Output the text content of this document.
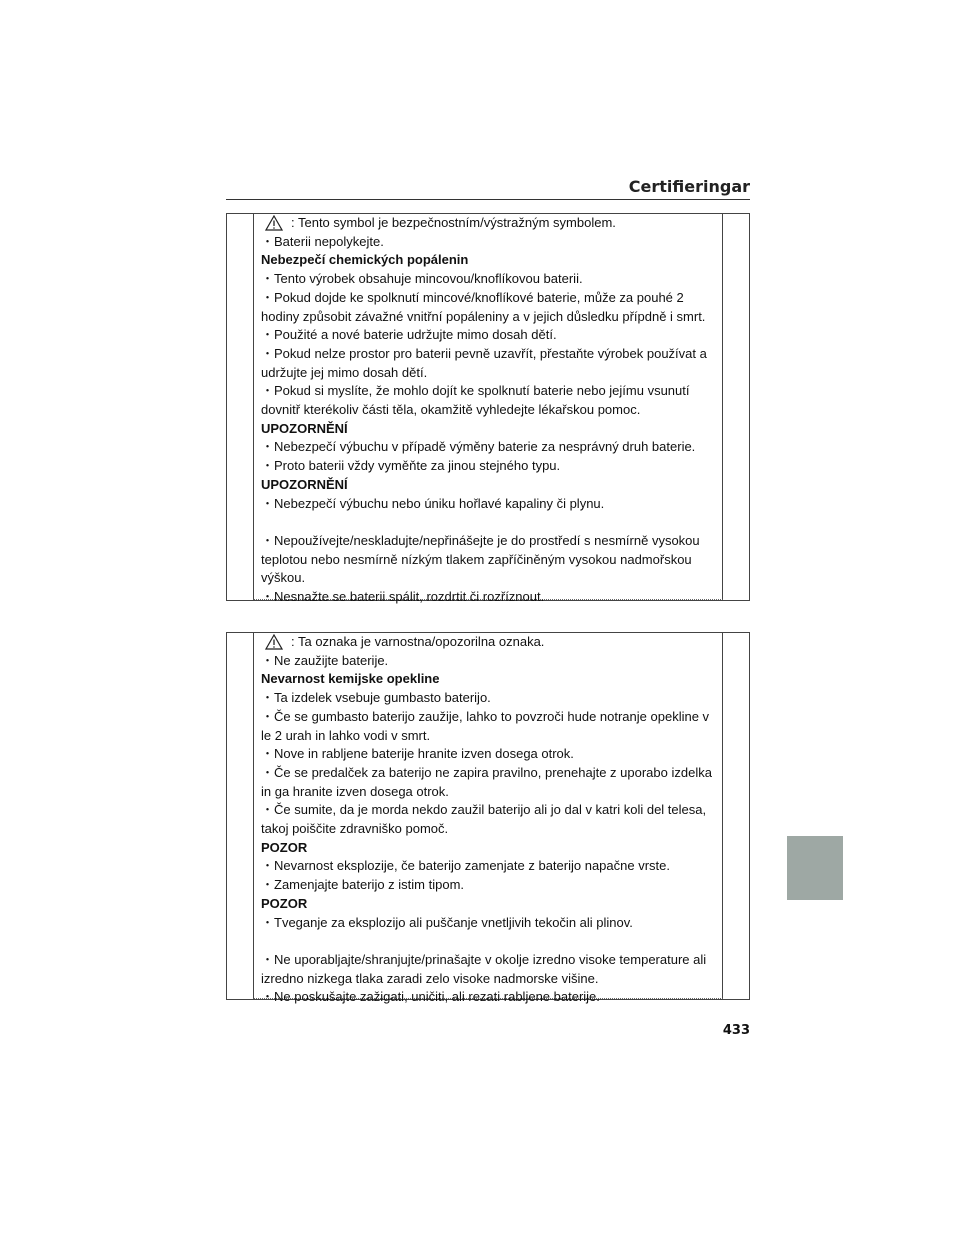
Certifieringar
: Tento symbol je bezpečnostním/výstražným symbolem.
・Baterii nepolykejte.
Nebezpečí chemických popálenin
・Tento výrobek obsahuje mincovou/knoflíkovou baterii.
・Pokud dojde ke spolknutí mincové/knoflíkové baterie, může za pouhé 2 hodiny způsobit závažné vnitřní popáleniny a v jejich důsledku přípdně i smrt.
・Použité a nové baterie udržujte mimo dosah dětí.
・Pokud nelze prostor pro baterii pevně uzavřít, přestaňte výrobek používat a udržujte jej mimo dosah dětí.
・Pokud si myslíte, že mohlo dojít ke spolknutí baterie nebo jejímu vsunutí dovnitř kterékoliv části těla, okamžitě vyhledejte lékařskou pomoc.
UPOZORNĚNÍ
・Nebezpečí výbuchu v případě výměny baterie za nesprávný druh baterie.
・Proto baterii vždy vyměňte za jinou stejného typu.
UPOZORNĚNÍ
・Nebezpečí výbuchu nebo úniku hořlavé kapaliny či plynu.
・Nepoužívejte/neskladujte/nepřinášejte je do prostředí s nesmírně vysokou teplotou nebo nesmírně nízkým tlakem zapříčiněným vysokou nadmořskou výškou.
・Nesnažte se baterii spálit, rozdrtit či rozříznout.
: Ta oznaka je varnostna/opozorilna oznaka.
・Ne zaužijte baterije.
Nevarnost kemijske opekline
・Ta izdelek vsebuje gumbasto baterijo.
・Če se gumbasto baterijo zaužije, lahko to povzroči hude notranje opekline v le 2 urah in lahko vodi v smrt.
・Nove in rabljene baterije hranite izven dosega otrok.
・Če se predalček za baterijo ne zapira pravilno, prenehajte z uporabo izdelka in ga hranite izven dosega otrok.
・Če sumite, da je morda nekdo zaužil baterijo ali jo dal v katri koli del telesa, takoj poiščite zdravniško pomoč.
POZOR
・Nevarnost eksplozije, če baterijo zamenjate z baterijo napačne vrste.
・Zamenjajte baterijo z istim tipom.
POZOR
・Tveganje za eksplozijo ali puščanje vnetljivih tekočin ali plinov.
・Ne uporabljajte/shranjujte/prinašajte v okolje izredno visoke temperature ali izredno nizkega tlaka zaradi zelo visoke nadmorske višine.
・Ne poskušajte zažigati, uničiti, ali rezati rabljene baterije.
433
